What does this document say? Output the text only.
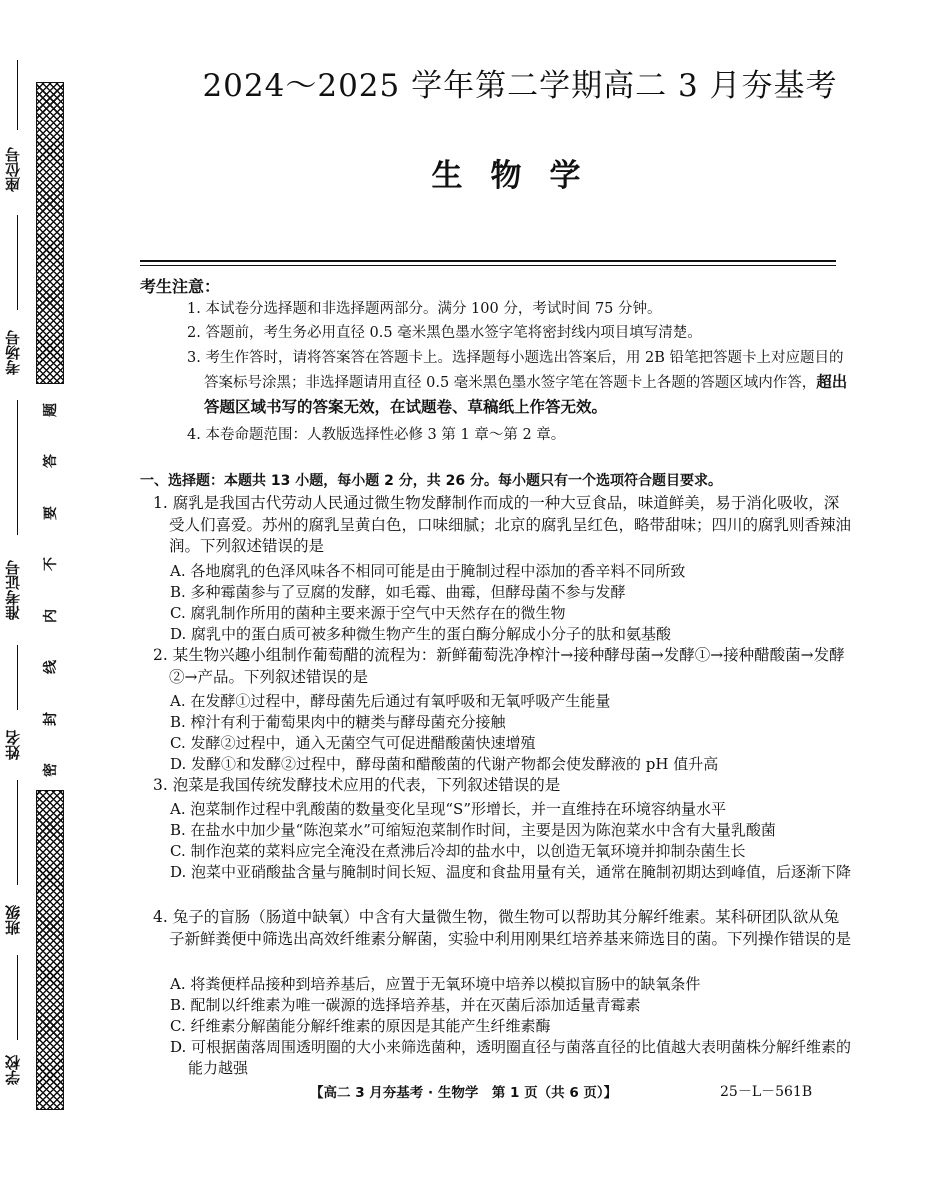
座位号
考场号
准考证号
姓名
班级
学校
题
答
要
不
内
线
封
密
2024～2025 学年第二学期高二 3 月夯基考
生物学
考生注意：
1. 本试卷分选择题和非选择题两部分。满分 100 分，考试时间 75 分钟。
2. 答题前，考生务必用直径 0.5 毫米黑色墨水签字笔将密封线内项目填写清楚。
3. 考生作答时，请将答案答在答题卡上。选择题每小题选出答案后，用 2B 铅笔把答题卡上对应题目的答案标号涂黑；非选择题请用直径 0.5 毫米黑色墨水签字笔在答题卡上各题的答题区域内作答，超出答题区域书写的答案无效，在试题卷、草稿纸上作答无效。
4. 本卷命题范围：人教版选择性必修 3 第 1 章～第 2 章。
一、选择题：本题共 13 小题，每小题 2 分，共 26 分。每小题只有一个选项符合题目要求。
1. 腐乳是我国古代劳动人民通过微生物发酵制作而成的一种大豆食品，味道鲜美，易于消化吸收，深受人们喜爱。苏州的腐乳呈黄白色，口味细腻；北京的腐乳呈红色，略带甜味；四川的腐乳则香辣油润。下列叙述错误的是
A. 各地腐乳的色泽风味各不相同可能是由于腌制过程中添加的香辛料不同所致
B. 多种霉菌参与了豆腐的发酵，如毛霉、曲霉，但酵母菌不参与发酵
C. 腐乳制作所用的菌种主要来源于空气中天然存在的微生物
D. 腐乳中的蛋白质可被多种微生物产生的蛋白酶分解成小分子的肽和氨基酸
2. 某生物兴趣小组制作葡萄醋的流程为：新鲜葡萄洗净榨汁→接种酵母菌→发酵①→接种醋酸菌→发酵②→产品。下列叙述错误的是
A. 在发酵①过程中，酵母菌先后通过有氧呼吸和无氧呼吸产生能量
B. 榨汁有利于葡萄果肉中的糖类与酵母菌充分接触
C. 发酵②过程中，通入无菌空气可促进醋酸菌快速增殖
D. 发酵①和发酵②过程中，酵母菌和醋酸菌的代谢产物都会使发酵液的 pH 值升高
3. 泡菜是我国传统发酵技术应用的代表，下列叙述错误的是
A. 泡菜制作过程中乳酸菌的数量变化呈现“S”形增长，并一直维持在环境容纳量水平
B. 在盐水中加少量“陈泡菜水”可缩短泡菜制作时间，主要是因为陈泡菜水中含有大量乳酸菌
C. 制作泡菜的菜料应完全淹没在煮沸后冷却的盐水中，以创造无氧环境并抑制杂菌生长
D. 泡菜中亚硝酸盐含量与腌制时间长短、温度和食盐用量有关，通常在腌制初期达到峰值，后逐渐下降
4. 兔子的盲肠（肠道中缺氧）中含有大量微生物，微生物可以帮助其分解纤维素。某科研团队欲从兔子新鲜粪便中筛选出高效纤维素分解菌，实验中利用刚果红培养基来筛选目的菌。下列操作错误的是
A. 将粪便样品接种到培养基后，应置于无氧环境中培养以模拟盲肠中的缺氧条件
B. 配制以纤维素为唯一碳源的选择培养基，并在灭菌后添加适量青霉素
C. 纤维素分解菌能分解纤维素的原因是其能产生纤维素酶
D. 可根据菌落周围透明圈的大小来筛选菌种，透明圈直径与菌落直径的比值越大表明菌株分解纤维素的能力越强
【高二 3 月夯基考 · 生物学　第 1 页（共 6 页）】	25－L－561B
